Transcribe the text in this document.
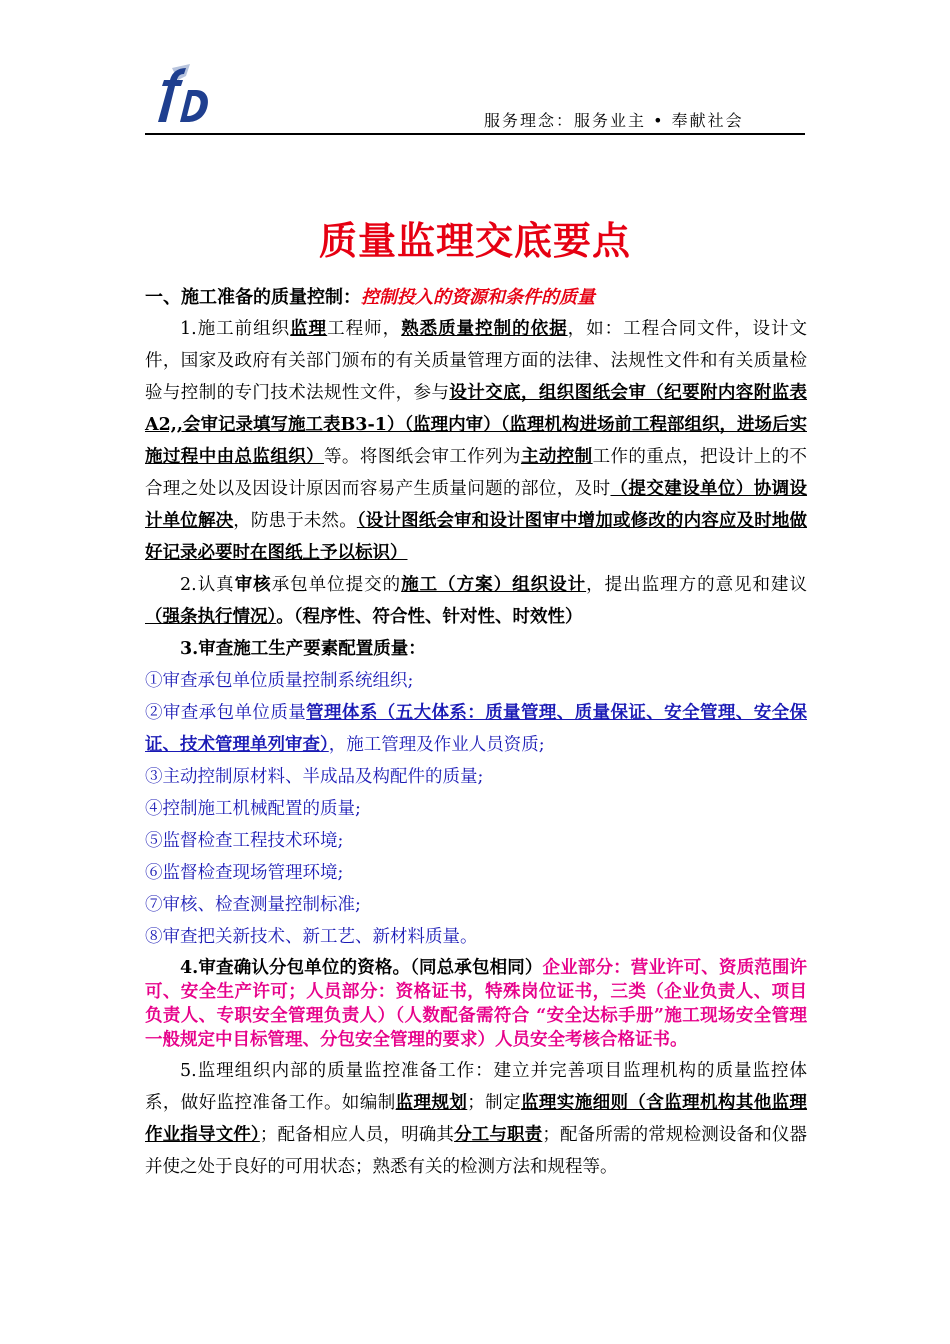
服务理念：服务业主 • 奉献社会
质量监理交底要点
一、施工准备的质量控制：控制投入的资源和条件的质量

1.施工前组织监理工程师，熟悉质量控制的依据，如：工程合同文件，设计文件，国家及政府有关部门颁布的有关质量管理方面的法律、法规性文件和有关质量检验与控制的专门技术法规性文件，参与设计交底，组织图纸会审（纪要附内容附监表A2,,会审记录填写施工表B3-1）（监理内审）（监理机构进场前工程部组织，进场后实施过程中由总监组织）等。将图纸会审工作列为主动控制工作的重点，把设计上的不合理之处以及因设计原因而容易产生质量问题的部位，及时（提交建设单位）协调设计单位解决，防患于未然。（设计图纸会审和设计图审中增加或修改的内容应及时地做好记录必要时在图纸上予以标识）

2.认真审核承包单位提交的施工（方案）组织设计，提出监理方的意见和建议（强条执行情况）。（程序性、符合性、针对性、时效性）

3.审查施工生产要素配置质量：

①审查承包单位质量控制系统组织;

②审查承包单位质量管理体系（五大体系：质量管理、质量保证、安全管理、安全保证、技术管理单列审查），施工管理及作业人员资质;

③主动控制原材料、半成品及构配件的质量;

④控制施工机械配置的质量;

⑤监督检查工程技术环境;

⑥监督检查现场管理环境;

⑦审核、检查测量控制标准;

⑧审查把关新技术、新工艺、新材料质量。

4.审查确认分包单位的资格。（同总承包相同）企业部分：营业许可、资质范围许可、安全生产许可；人员部分：资格证书，特殊岗位证书，三类（企业负责人、项目负责人、专职安全管理负责人）（人数配备需符合 “安全达标手册”施工现场安全管理一般规定中目标管理、分包安全管理的要求）人员安全考核合格证书。

5.监理组织内部的质量监控准备工作：建立并完善项目监理机构的质量监控体系，做好监控准备工作。如编制监理规划；制定监理实施细则（含监理机构其他监理作业指导文件）；配备相应人员，明确其分工与职责；配备所需的常规检测设备和仪器并使之处于良好的可用状态；熟悉有关的检测方法和规程等。
